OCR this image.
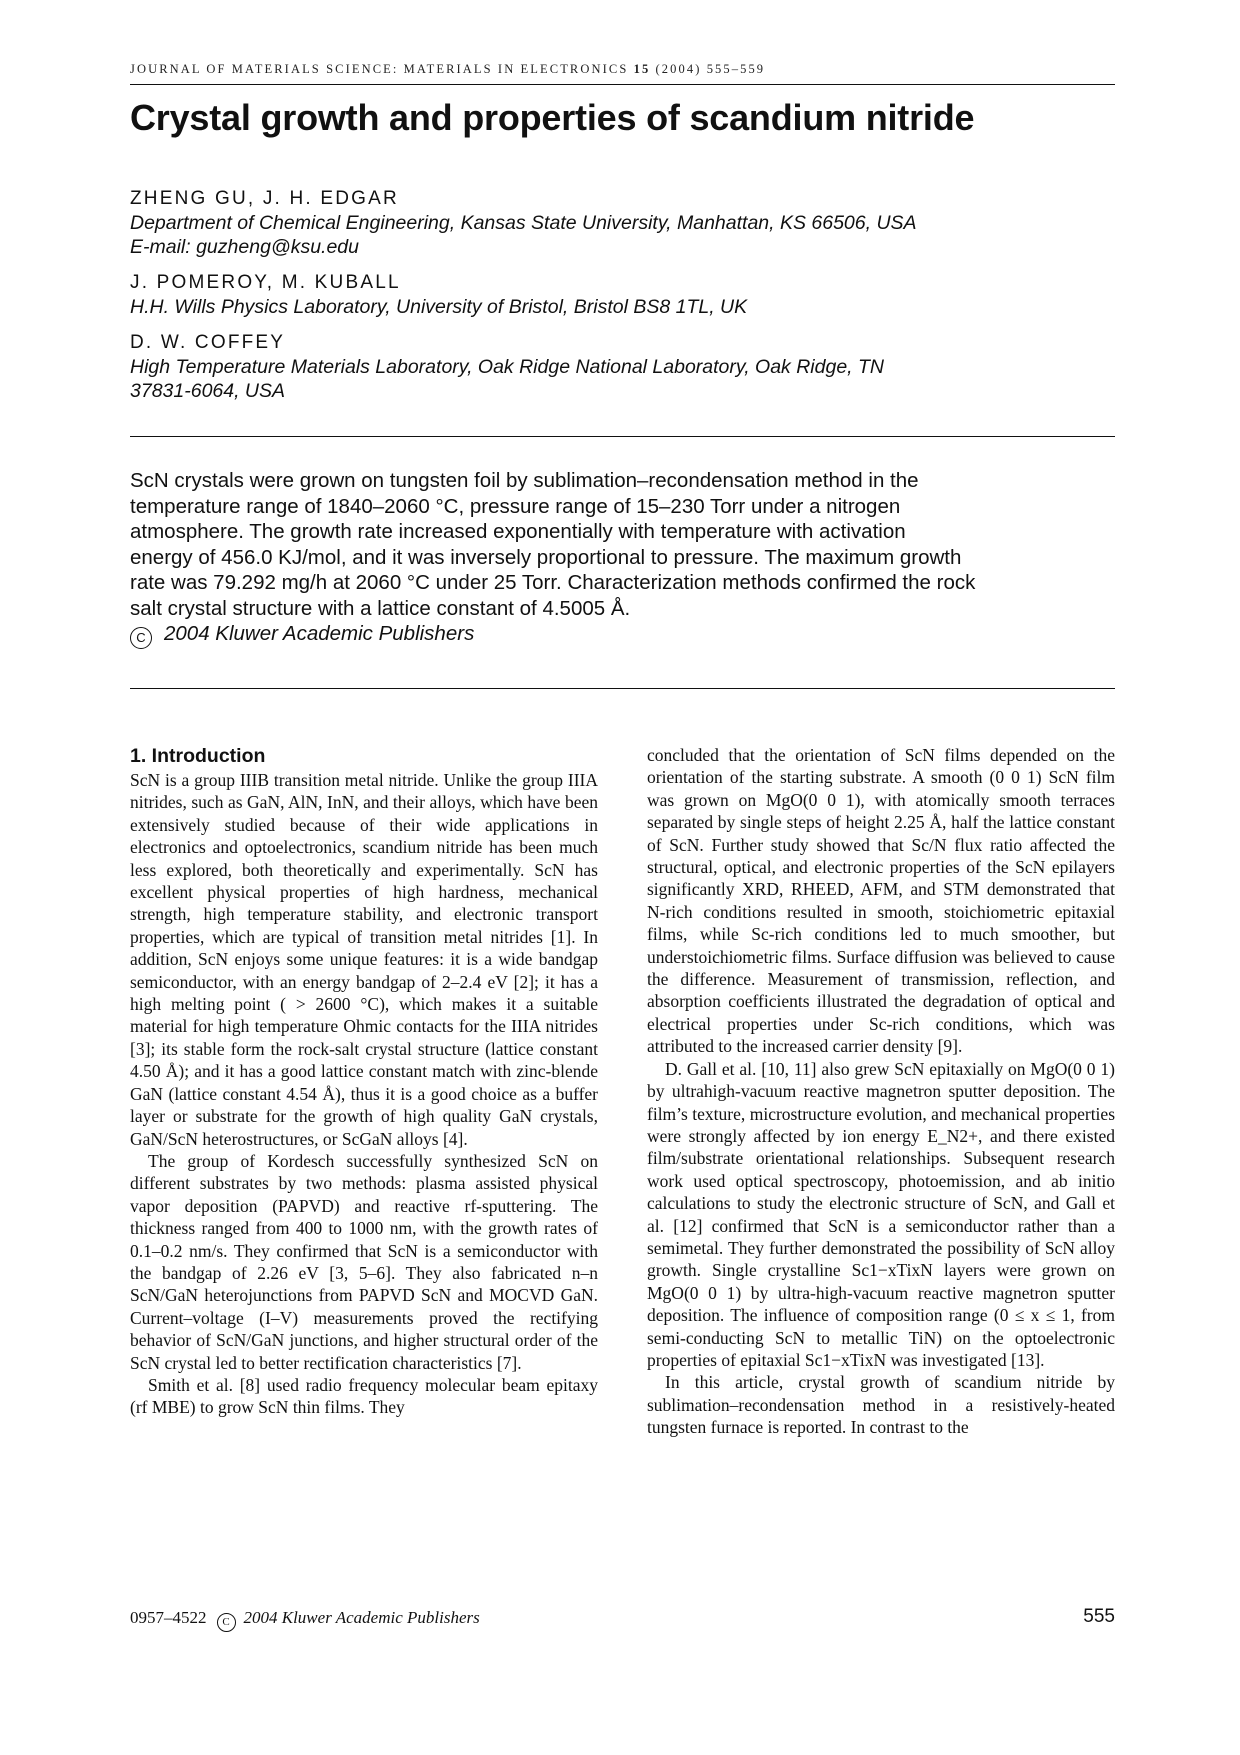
JOURNAL OF MATERIALS SCIENCE: MATERIALS IN ELECTRONICS 15 (2004) 555–559
Crystal growth and properties of scandium nitride
ZHENG GU, J. H. EDGAR
Department of Chemical Engineering, Kansas State University, Manhattan, KS 66506, USA
E-mail: guzheng@ksu.edu
J. POMEROY, M. KUBALL
H.H. Wills Physics Laboratory, University of Bristol, Bristol BS8 1TL, UK
D. W. COFFEY
High Temperature Materials Laboratory, Oak Ridge National Laboratory, Oak Ridge, TN
37831-6064, USA
ScN crystals were grown on tungsten foil by sublimation–recondensation method in the
temperature range of 1840–2060 °C, pressure range of 15–230 Torr under a nitrogen
atmosphere. The growth rate increased exponentially with temperature with activation
energy of 456.0 KJ/mol, and it was inversely proportional to pressure. The maximum growth
rate was 79.292 mg/h at 2060 °C under 25 Torr. Characterization methods confirmed the rock
salt crystal structure with a lattice constant of 4.5005 Å.
C 2004 Kluwer Academic Publishers
1. Introduction

ScN is a group IIIB transition metal nitride. Unlike the group IIIA nitrides, such as GaN, AlN, InN, and their alloys, which have been extensively studied because of their wide applications in electronics and optoelectronics, scandium nitride has been much less explored, both theoretically and experimentally. ScN has excellent physical properties of high hardness, mechanical strength, high temperature stability, and electronic transport properties, which are typical of transition metal nitrides [1]. In addition, ScN enjoys some unique features: it is a wide bandgap semiconductor, with an energy bandgap of 2–2.4 eV [2]; it has a high melting point ( > 2600 °C), which makes it a suitable material for high temperature Ohmic contacts for the IIIA nitrides [3]; its stable form the rock-salt crystal structure (lattice constant 4.50 Å); and it has a good lattice constant match with zinc-blende GaN (lattice constant 4.54 Å), thus it is a good choice as a buffer layer or substrate for the growth of high quality GaN crystals, GaN/ScN heterostructures, or ScGaN alloys [4].

The group of Kordesch successfully synthesized ScN on different substrates by two methods: plasma assisted physical vapor deposition (PAPVD) and reactive rf-sputtering. The thickness ranged from 400 to 1000 nm, with the growth rates of 0.1–0.2 nm/s. They confirmed that ScN is a semiconductor with the bandgap of 2.26 eV [3, 5–6]. They also fabricated n–n ScN/GaN heterojunctions from PAPVD ScN and MOCVD GaN. Current–voltage (I–V) measurements proved the rectifying behavior of ScN/GaN junctions, and higher structural order of the ScN crystal led to better rectification characteristics [7].

Smith et al. [8] used radio frequency molecular beam epitaxy (rf MBE) to grow ScN thin films. They

concluded that the orientation of ScN films depended on the orientation of the starting substrate. A smooth (0 0 1) ScN film was grown on MgO(0 0 1), with atomically smooth terraces separated by single steps of height 2.25 Å, half the lattice constant of ScN. Further study showed that Sc/N flux ratio affected the structural, optical, and electronic properties of the ScN epilayers significantly XRD, RHEED, AFM, and STM demonstrated that N-rich conditions resulted in smooth, stoichiometric epitaxial films, while Sc-rich conditions led to much smoother, but understoichiometric films. Surface diffusion was believed to cause the difference. Measurement of transmission, reflection, and absorption coefficients illustrated the degradation of optical and electrical properties under Sc-rich conditions, which was attributed to the increased carrier density [9].

D. Gall et al. [10, 11] also grew ScN epitaxially on MgO(0 0 1) by ultrahigh-vacuum reactive magnetron sputter deposition. The film’s texture, microstructure evolution, and mechanical properties were strongly affected by ion energy E_N2+, and there existed film/substrate orientational relationships. Subsequent research work used optical spectroscopy, photoemission, and ab initio calculations to study the electronic structure of ScN, and Gall et al. [12] confirmed that ScN is a semiconductor rather than a semimetal. They further demonstrated the possibility of ScN alloy growth. Single crystalline Sc1−xTixN layers were grown on MgO(0 0 1) by ultra-high-vacuum reactive magnetron sputter deposition. The influence of composition range (0 ≤ x ≤ 1, from semi-conducting ScN to metallic TiN) on the optoelectronic properties of epitaxial Sc1−xTixN was investigated [13].

In this article, crystal growth of scandium nitride by sublimation–recondensation method in a resistively-heated tungsten furnace is reported. In contrast to the

0957–4522 C 2004 Kluwer Academic Publishers	555
